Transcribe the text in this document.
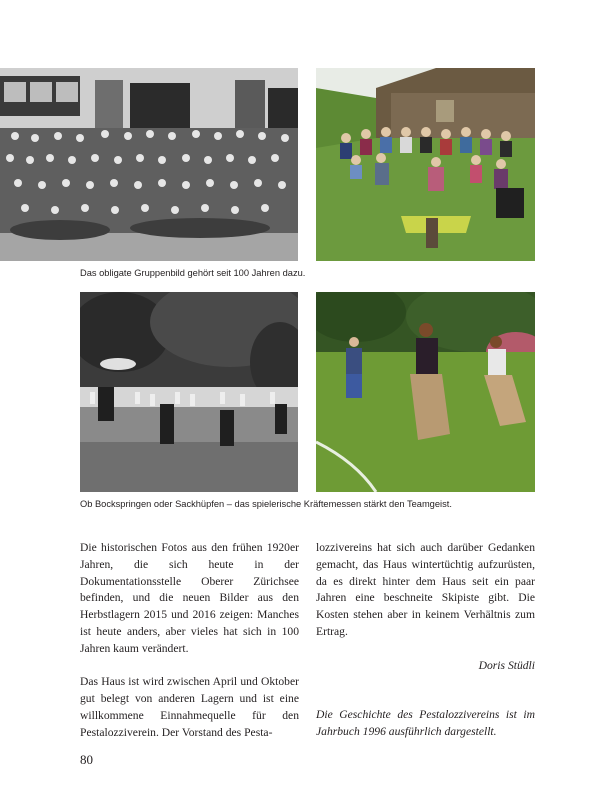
Das obligate Gruppenbild gehört seit 100 Jahren dazu.
Ob Bockspringen oder Sackhüpfen – das spielerische Kräftemessen stärkt den Teamgeist.

Die historischen Fotos aus den frühen 1920er Jahren, die sich heute in der Dokumentationsstelle Oberer Zürichsee befinden, und die neuen Bilder aus den Herbstlagern 2015 und 2016 zeigen: Manches ist heute anders, aber vieles hat sich in 100 Jahren kaum verändert.

Das Haus ist wird zwischen April und Oktober gut belegt von anderen Lagern und ist eine willkommene Einnahmequelle für den Pestalozziverein. Der Vorstand des Pesta-

lozzivereins hat sich auch darüber Gedanken gemacht, das Haus wintertüchtig aufzurüsten, da es direkt hinter dem Haus seit ein paar Jahren eine beschneite Skipiste gibt. Die Kosten stehen aber in keinem Verhältnis zum Ertrag.

Doris Stüdli

Die Geschichte des Pestalozzivereins ist im Jahrbuch 1996 ausführlich dargestellt.

80
